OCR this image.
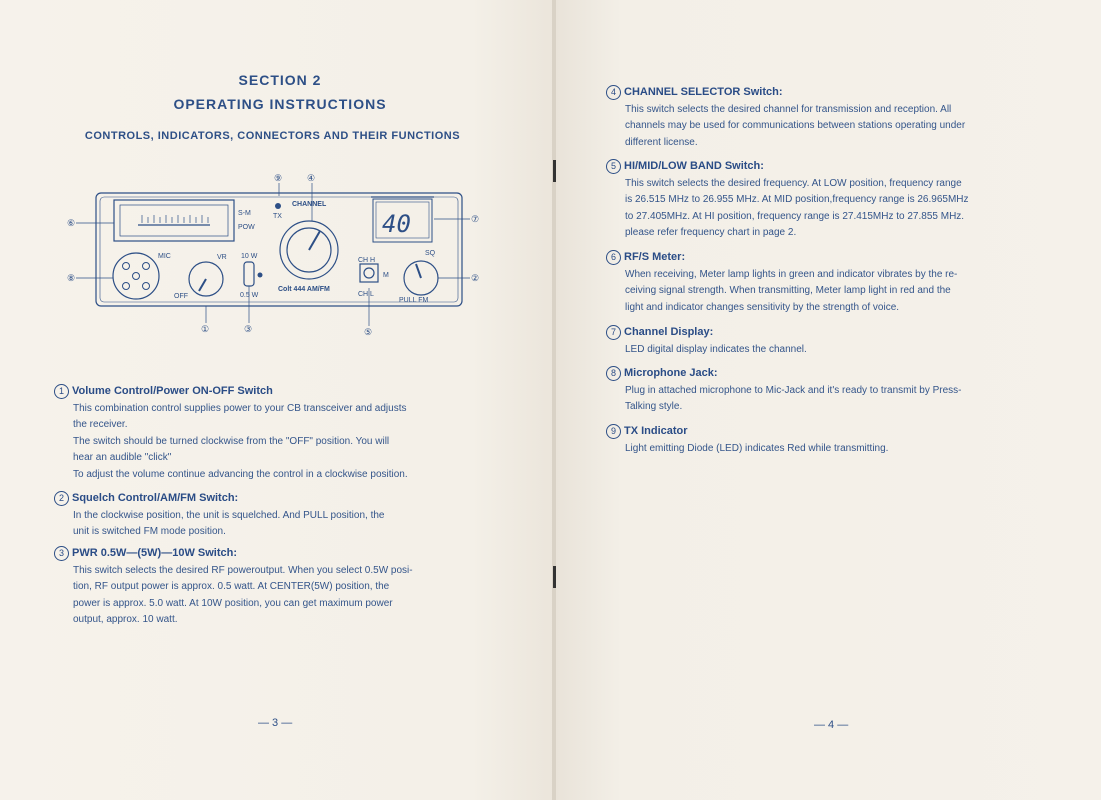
SECTION 2
OPERATING INSTRUCTIONS
CONTROLS, INDICATORS, CONNECTORS AND THEIR FUNCTIONS
S-M
POW
TX
CHANNEL
40
MIC	VR
OFF
10 W
0.5 W
Colt 444 AM/FM
CH H
M
CH L
SQ
PULL FM
⑥
⑧
⑦
②
⑨	④
①	③	⑤
1 Volume Control/Power ON-OFF Switch
This combination control supplies power to your CB transceiver and adjusts
the receiver.
The switch should be turned clockwise from the "OFF" position. You will
hear an audible "click"
To adjust the volume continue advancing the control in a clockwise position.
2 Squelch Control/AM/FM Switch:
In the clockwise position, the unit is squelched. And PULL position, the
unit is switched FM mode position.
3 PWR 0.5W—(5W)—10W Switch:
This switch selects the desired RF poweroutput. When you select 0.5W posi-
tion, RF output power is approx. 0.5 watt. At CENTER(5W) position, the
power is approx. 5.0 watt. At 10W position, you can get maximum power
output, approx. 10 watt.
— 3 —
4 CHANNEL SELECTOR Switch:
This switch selects the desired channel for transmission and reception. All
channels may be used for communications between stations operating under
different license.
5 HI/MID/LOW BAND Switch:
This switch selects the desired frequency. At LOW position, frequency range
is 26.515 MHz to 26.955 MHz. At MID position,frequency range is 26.965MHz
to 27.405MHz. At HI position, frequency range is 27.415MHz to 27.855 MHz.
please refer frequency chart in page 2.
6 RF/S Meter:
When receiving, Meter lamp lights in green and indicator vibrates by the re-
ceiving signal strength. When transmitting, Meter lamp light in red and the
light and indicator changes sensitivity by the strength of voice.
7 Channel Display:
LED digital display indicates the channel.
8 Microphone Jack:
Plug in attached microphone to Mic-Jack and it's ready to transmit by Press-
Talking style.
9 TX Indicator
Light emitting Diode (LED) indicates Red while transmitting.
— 4 —
